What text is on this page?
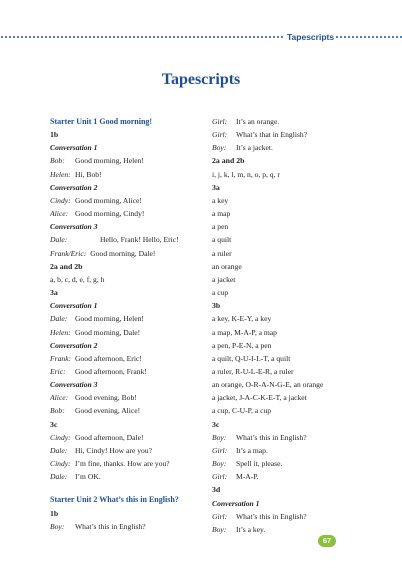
Tapescripts
Tapescripts
Starter Unit 1 Good morning!
1b
Conversation 1
Bob: Good morning, Helen!
Helen: Hi, Bob!
Conversation 2
Cindy: Good morning, Alice!
Alice: Good morning, Cindy!
Conversation 3
Dale:	Hello, Frank! Hello, Eric!
Frank/Eric: Good morning, Dale!
2a and 2b
a, b, c, d, e, f, g, h
3a
Conversation 1
Dale: Good morning, Helen!
Helen: Good morning, Dale!
Conversation 2
Frank: Good afternoon, Eric!
Eric: Good afternoon, Frank!
Conversation 3
Alice: Good evening, Bob!
Bob: Good evening, Alice!
3c
Cindy: Good afternoon, Dale!
Dale: Hi, Cindy! How are you?
Cindy: I’m fine, thanks. How are you?
Dale: I’m OK.
Starter Unit 2 What’s this in English?
1b
Boy: What’s this in English?
Girl: It’s an orange.
Girl: What’s that in English?
Boy: It’s a jacket.
2a and 2b
i, j, k, l, m, n, o, p, q, r
3a
a key
a map
a pen
a quilt
a ruler
an orange
a jacket
a cup
3b
a key, K-E-Y, a key
a map, M-A-P, a map
a pen, P-E-N, a pen
a quilt, Q-U-I-L-T, a quilt
a ruler, R-U-L-E-R, a ruler
an orange, O-R-A-N-G-E, an orange
a jacket, J-A-C-K-E-T, a jacket
a cup, C-U-P, a cup
3c
Boy: What’s this in English?
Girl: It’s a map.
Boy: Spell it, please.
Girl: M-A-P.
3d
Conversation 1
Girl: What’s this in English?
Boy: It’s a key.
67
